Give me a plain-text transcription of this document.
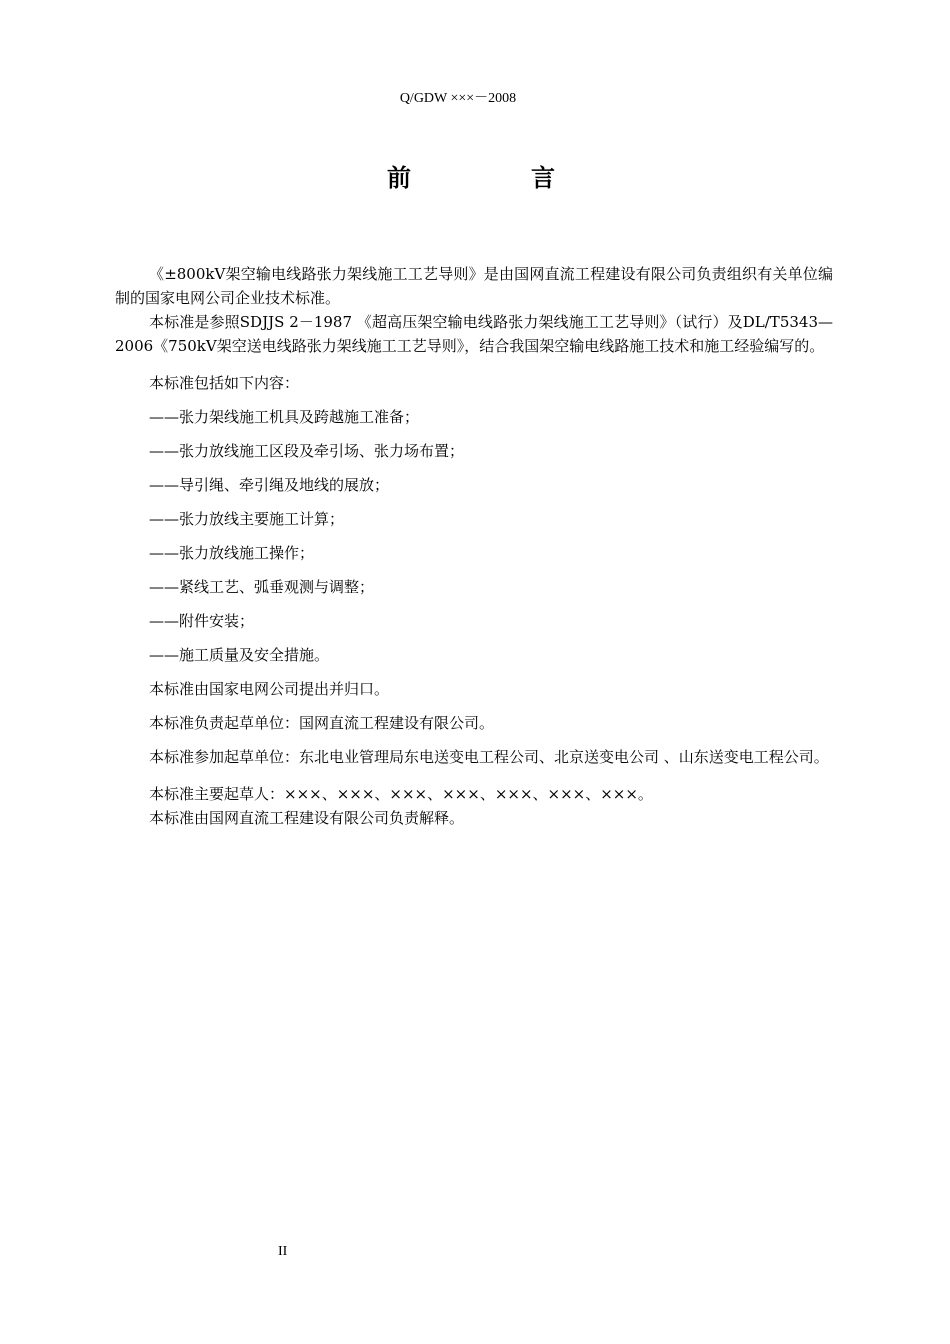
Q/GDW ×××－2008
前　言

《±800kV架空输电线路张力架线施工工艺导则》是由国网直流工程建设有限公司负责组织有关单位编制的国家电网公司企业技术标准。

本标准是参照SDJJS 2－1987 《超高压架空输电线路张力架线施工工艺导则》（试行）及DL/T5343—2006《750kV架空送电线路张力架线施工工艺导则》，结合我国架空输电线路施工技术和施工经验编写的。

本标准包括如下内容：

——张力架线施工机具及跨越施工准备；

——张力放线施工区段及牵引场、张力场布置；

——导引绳、牵引绳及地线的展放；

——张力放线主要施工计算；

——张力放线施工操作；

——紧线工艺、弧垂观测与调整；

——附件安装；

——施工质量及安全措施。

本标准由国家电网公司提出并归口。

本标准负责起草单位：国网直流工程建设有限公司。

本标准参加起草单位：东北电业管理局东电送变电工程公司、北京送变电公司 、山东送变电工程公司。

本标准主要起草人：×××、×××、×××、×××、×××、×××、×××。

本标准由国网直流工程建设有限公司负责解释。

II
